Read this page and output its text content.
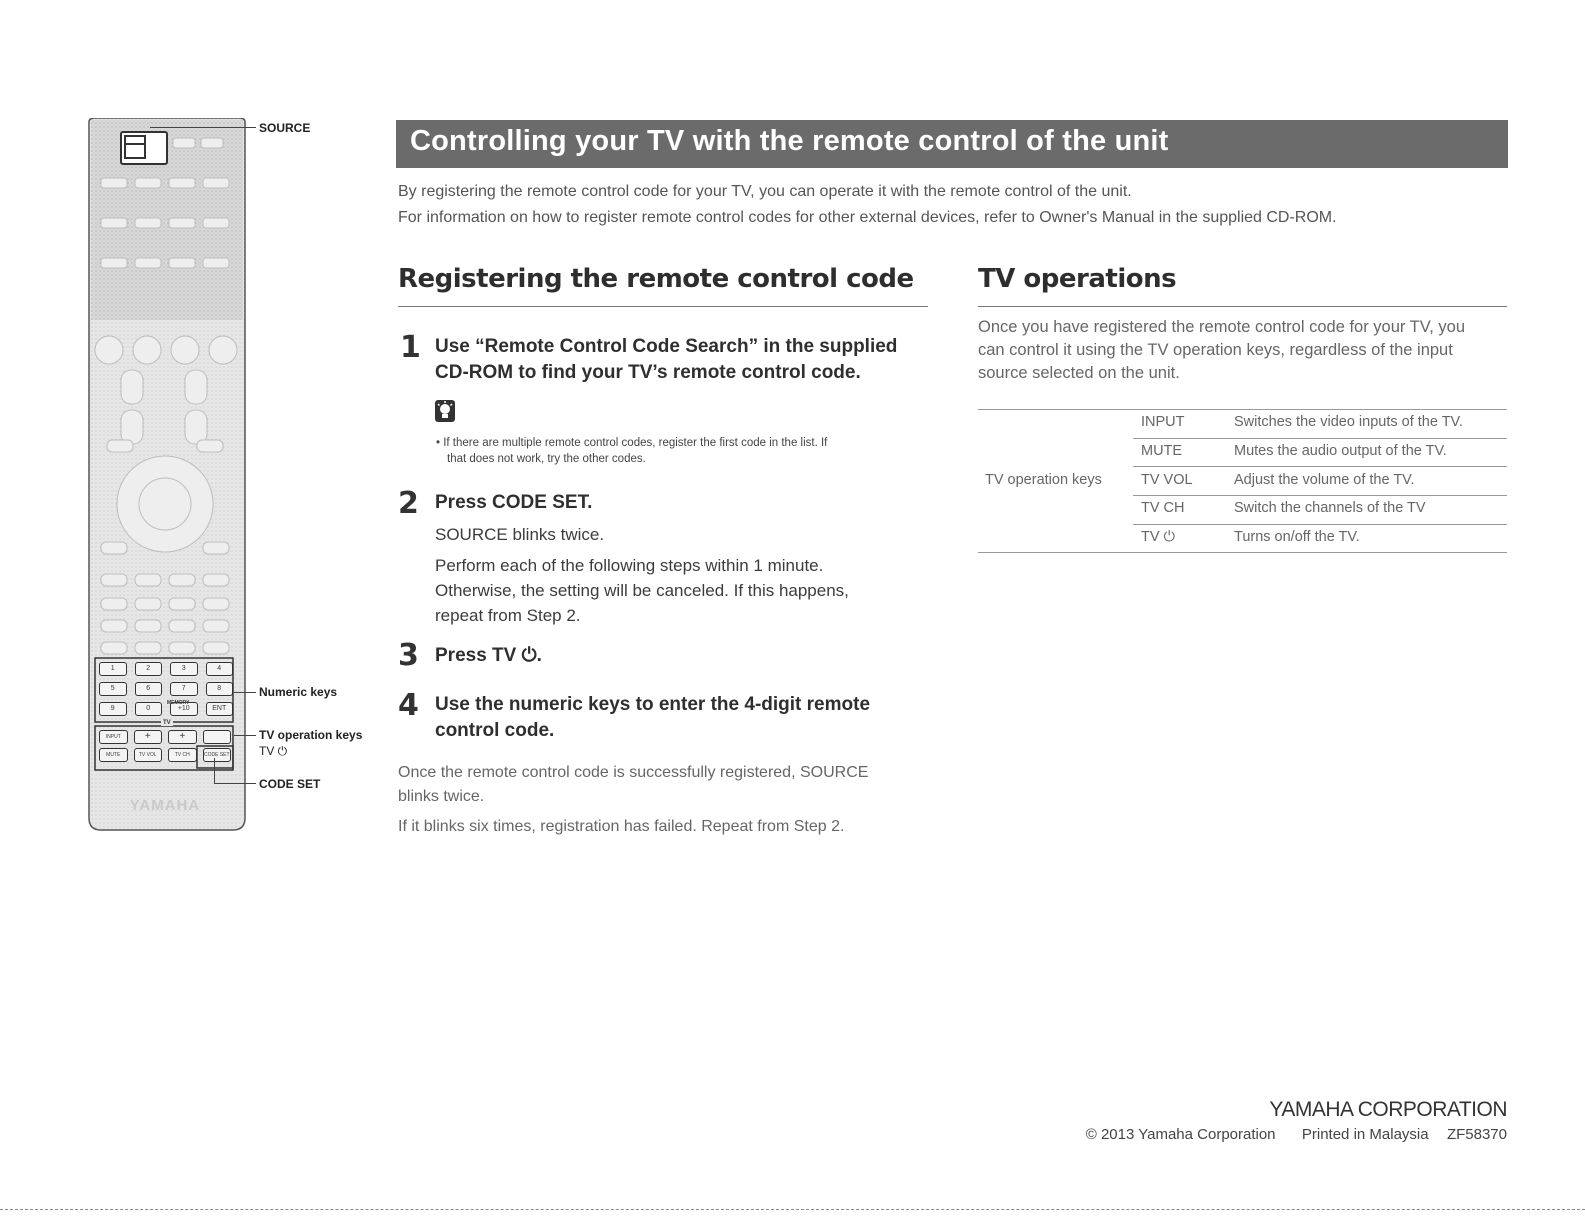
YAMAHA
1	2	3	4
5	6	7	8
9	0	+10	ENT
MEMORY
TV
INPUT	+	+
MUTE	TV VOL	TV CH	CODE SET
SOURCE
Numeric keys
TV operation keys
TV ⏻
CODE SET
Controlling your TV with the remote control of the unit
By registering the remote control code for your TV, you can operate it with the remote control of the unit.
For information on how to register remote control codes for other external devices, refer to Owner's Manual in the supplied CD-ROM.
Registering the remote control code
1 Use “Remote Control Code Search” in the supplied
CD-ROM to find your TV’s remote control code.
• If there are multiple remote control codes, register the first code in the list. If
that does not work, try the other codes.
2 Press CODE SET.
SOURCE blinks twice.
Perform each of the following steps within 1 minute.
Otherwise, the setting will be canceled. If this happens,
repeat from Step 2.
3 Press TV ⏻.
4 Use the numeric keys to enter the 4-digit remote
control code.
Once the remote control code is successfully registered, SOURCE
blinks twice.
If it blinks six times, registration has failed. Repeat from Step 2.
TV operations
Once you have registered the remote control code for your TV, you
can control it using the TV operation keys, regardless of the input
source selected on the unit.
TV operation keys
INPUT	Switches the video inputs of the TV.
MUTE	Mutes the audio output of the TV.
TV VOL	Adjust the volume of the TV.
TV CH	Switch the channels of the TV
TV ⏻	Turns on/off the TV.
YAMAHA CORPORATION
© 2013 Yamaha Corporation Printed in Malaysia ZF58370
